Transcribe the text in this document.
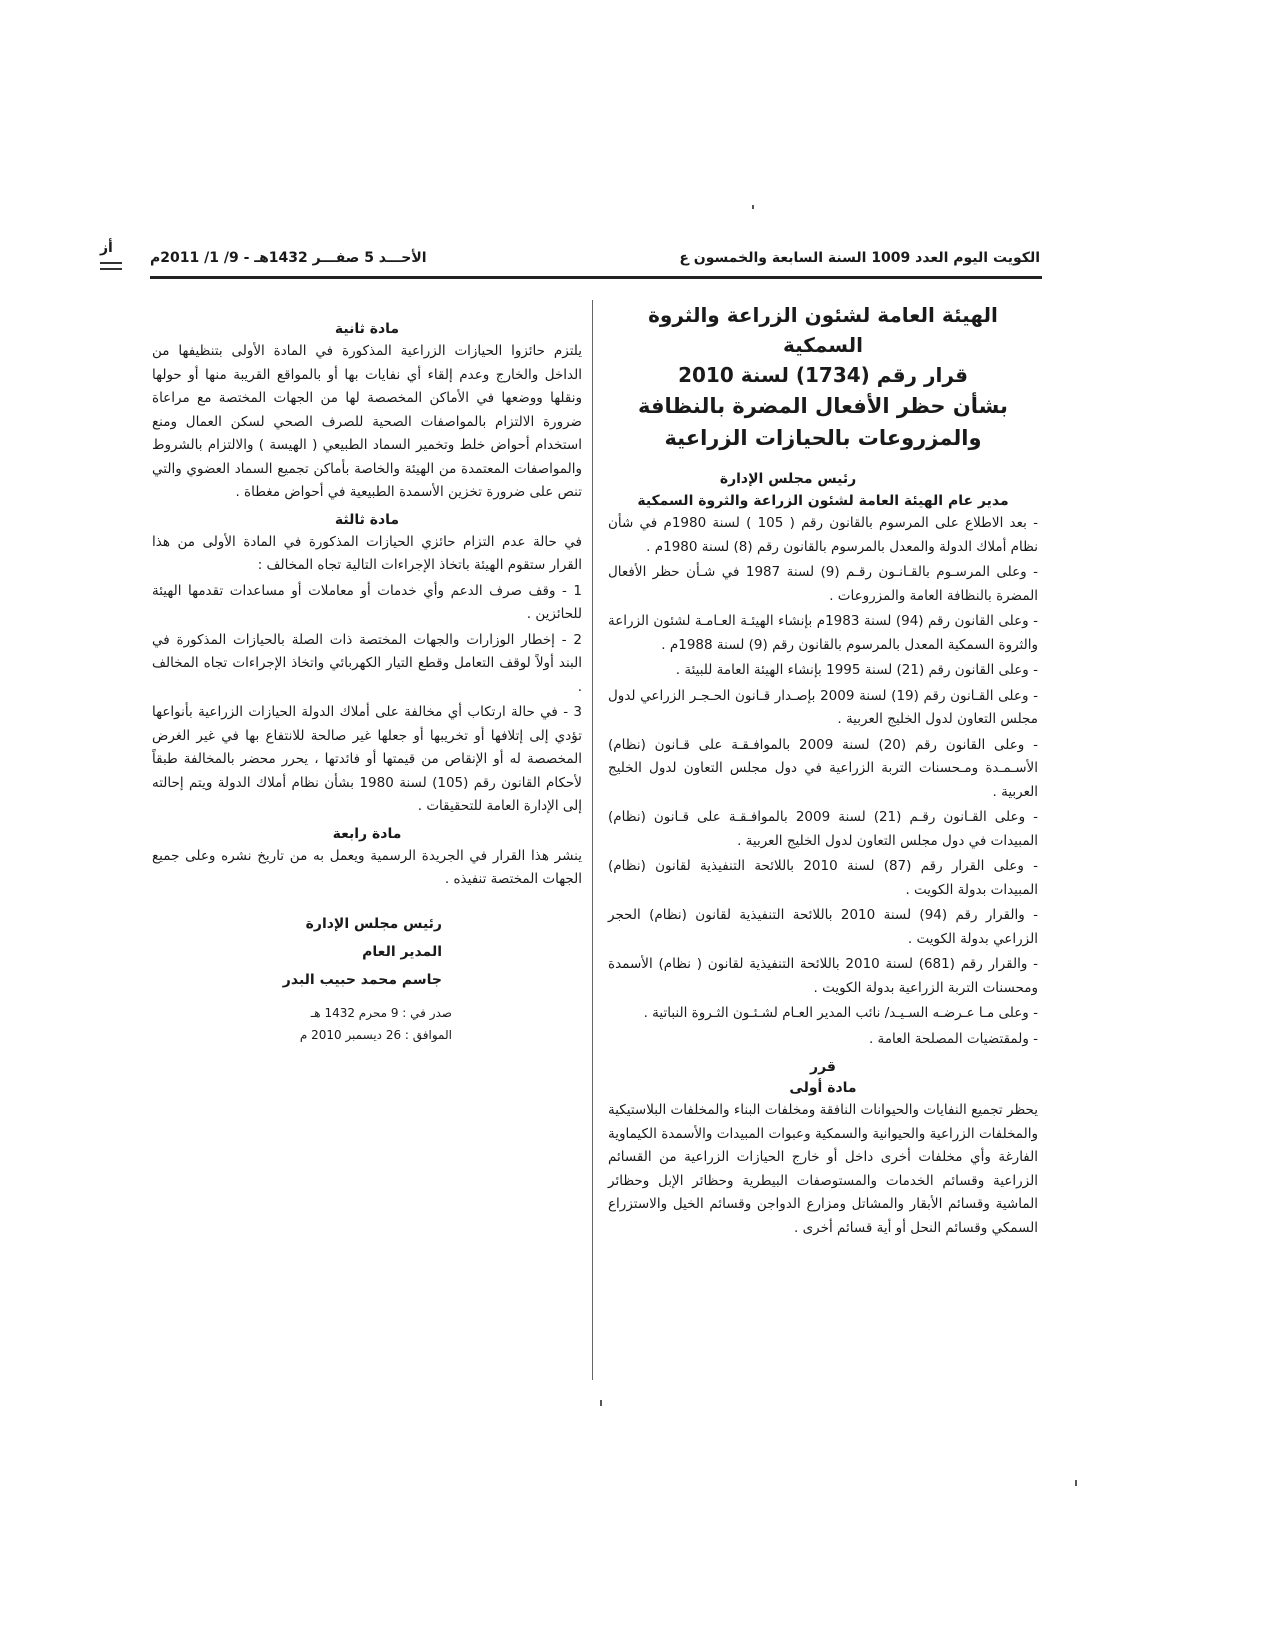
أز
الكويت اليوم العدد 1009 السنة السابعة والخمسون ع
الأحـــد 5 صفـــر 1432هـ - 9/ 1/ 2011م
الهيئة العامة لشئون الزراعة والثروة السمكية
قرار رقم (1734) لسنة 2010
بشأن حظر الأفعال المضرة بالنظافة والمزروعات بالحيازات الزراعية
رئيس مجلس الإدارة
مدير عام الهيئة العامة لشئون الزراعة والثروة السمكية

- بعد الاطلاع على المرسوم بالقانون رقم ( 105 ) لسنة 1980م في شأن نظام أملاك الدولة والمعدل بالمرسوم بالقانون رقم (8) لسنة 1980م .

- وعلى المرسـوم بالقـانـون رقـم (9) لسنة 1987 في شـأن حظر الأفعال المضرة بالنظافة العامة والمزروعات .

- وعلى القانون رقم (94) لسنة 1983م بإنشاء الهيئـة العـامـة لشئون الزراعة والثروة السمكية المعدل بالمرسوم بالقانون رقم (9) لسنة 1988م .

- وعلى القانون رقم (21) لسنة 1995 بإنشاء الهيئة العامة للبيئة .

- وعلى القـانون رقم (19) لسنة 2009 بإصـدار قـانون الحـجـر الزراعي لدول مجلس التعاون لدول الخليج العربية .

- وعلى القانون رقم (20) لسنة 2009 بالموافـقـة على قـانون (نظام) الأسـمـدة ومـحسنات التربة الزراعية في دول مجلس التعاون لدول الخليج العربية .

- وعلى القـانون رقـم (21) لسنة 2009 بالموافـقـة على قـانون (نظام) المبيدات في دول مجلس التعاون لدول الخليج العربية .

- وعلى القرار رقم (87) لسنة 2010 باللائحة التنفيذية لقانون (نظام) المبيدات بدولة الكويت .

- والقرار رقم (94) لسنة 2010 باللائحة التنفيذية لقانون (نظام) الحجر الزراعي بدولة الكويت .

- والقرار رقم (681) لسنة 2010 باللائحة التنفيذية لقانون ( نظام) الأسمدة ومحسنات التربة الزراعية بدولة الكويت .

- وعلى مـا عـرضـه السـيـد/ نائب المدير العـام لشـئـون الثـروة النباتية .

- ولمقتضيات المصلحة العامة .

قرر
مادة أولى

يحظر تجميع النفايات والحيوانات النافقة ومخلفات البناء والمخلفات البلاستيكية والمخلفات الزراعية والحيوانية والسمكية وعبوات المبيدات والأسمدة الكيماوية الفارغة وأي مخلفات أخرى داخل أو خارج الحيازات الزراعية من القسائم الزراعية وقسائم الخدمات والمستوصفات البيطرية وحظائر الإبل وحظائر الماشية وقسائم الأبقار والمشاتل ومزارع الدواجن وقسائم الخيل والاستزراع السمكي وقسائم النحل أو أية قسائم أخرى .

مادة ثانية

يلتزم حائزوا الحيازات الزراعية المذكورة في المادة الأولى بتنظيفها من الداخل والخارج وعدم إلقاء أي نفايات بها أو بالمواقع القريبة منها أو حولها ونقلها ووضعها في الأماكن المخصصة لها من الجهات المختصة مع مراعاة ضرورة الالتزام بالمواصفات الصحية للصرف الصحي لسكن العمال ومنع استخدام أحواض خلط وتخمير السماد الطبيعي ( الهيسة ) والالتزام بالشروط والمواصفات المعتمدة من الهيئة والخاصة بأماكن تجميع السماد العضوي والتي تنص على ضرورة تخزين الأسمدة الطبيعية في أحواض مغطاة .

مادة ثالثة

في حالة عدم التزام حائزي الحيازات المذكورة في المادة الأولى من هذا القرار ستقوم الهيئة باتخاذ الإجراءات التالية تجاه المخالف :

1 - وقف صرف الدعم وأي خدمات أو معاملات أو مساعدات تقدمها الهيئة للحائزين .

2 - إخطار الوزارات والجهات المختصة ذات الصلة بالحيازات المذكورة في البند أولاً لوقف التعامل وقطع التيار الكهربائي واتخاذ الإجراءات تجاه المخالف .

3 - في حالة ارتكاب أي مخالفة على أملاك الدولة الحيازات الزراعية بأنواعها تؤدي إلى إتلافها أو تخريبها أو جعلها غير صالحة للانتفاع بها في غير الغرض المخصصة له أو الإنقاص من قيمتها أو فائدتها ، يحرر محضر بالمخالفة طبقاً لأحكام القانون رقم (105) لسنة 1980 بشأن نظام أملاك الدولة ويتم إحالته إلى الإدارة العامة للتحقيقات .

مادة رابعة

ينشر هذا القرار في الجريدة الرسمية ويعمل به من تاريخ نشره وعلى جميع الجهات المختصة تنفيذه .

رئيس مجلس الإدارة
المدير العام
جاسم محمد حبيب البدر
صدر في : 9 محرم 1432 هـ
الموافق : 26 ديسمبر 2010 م
